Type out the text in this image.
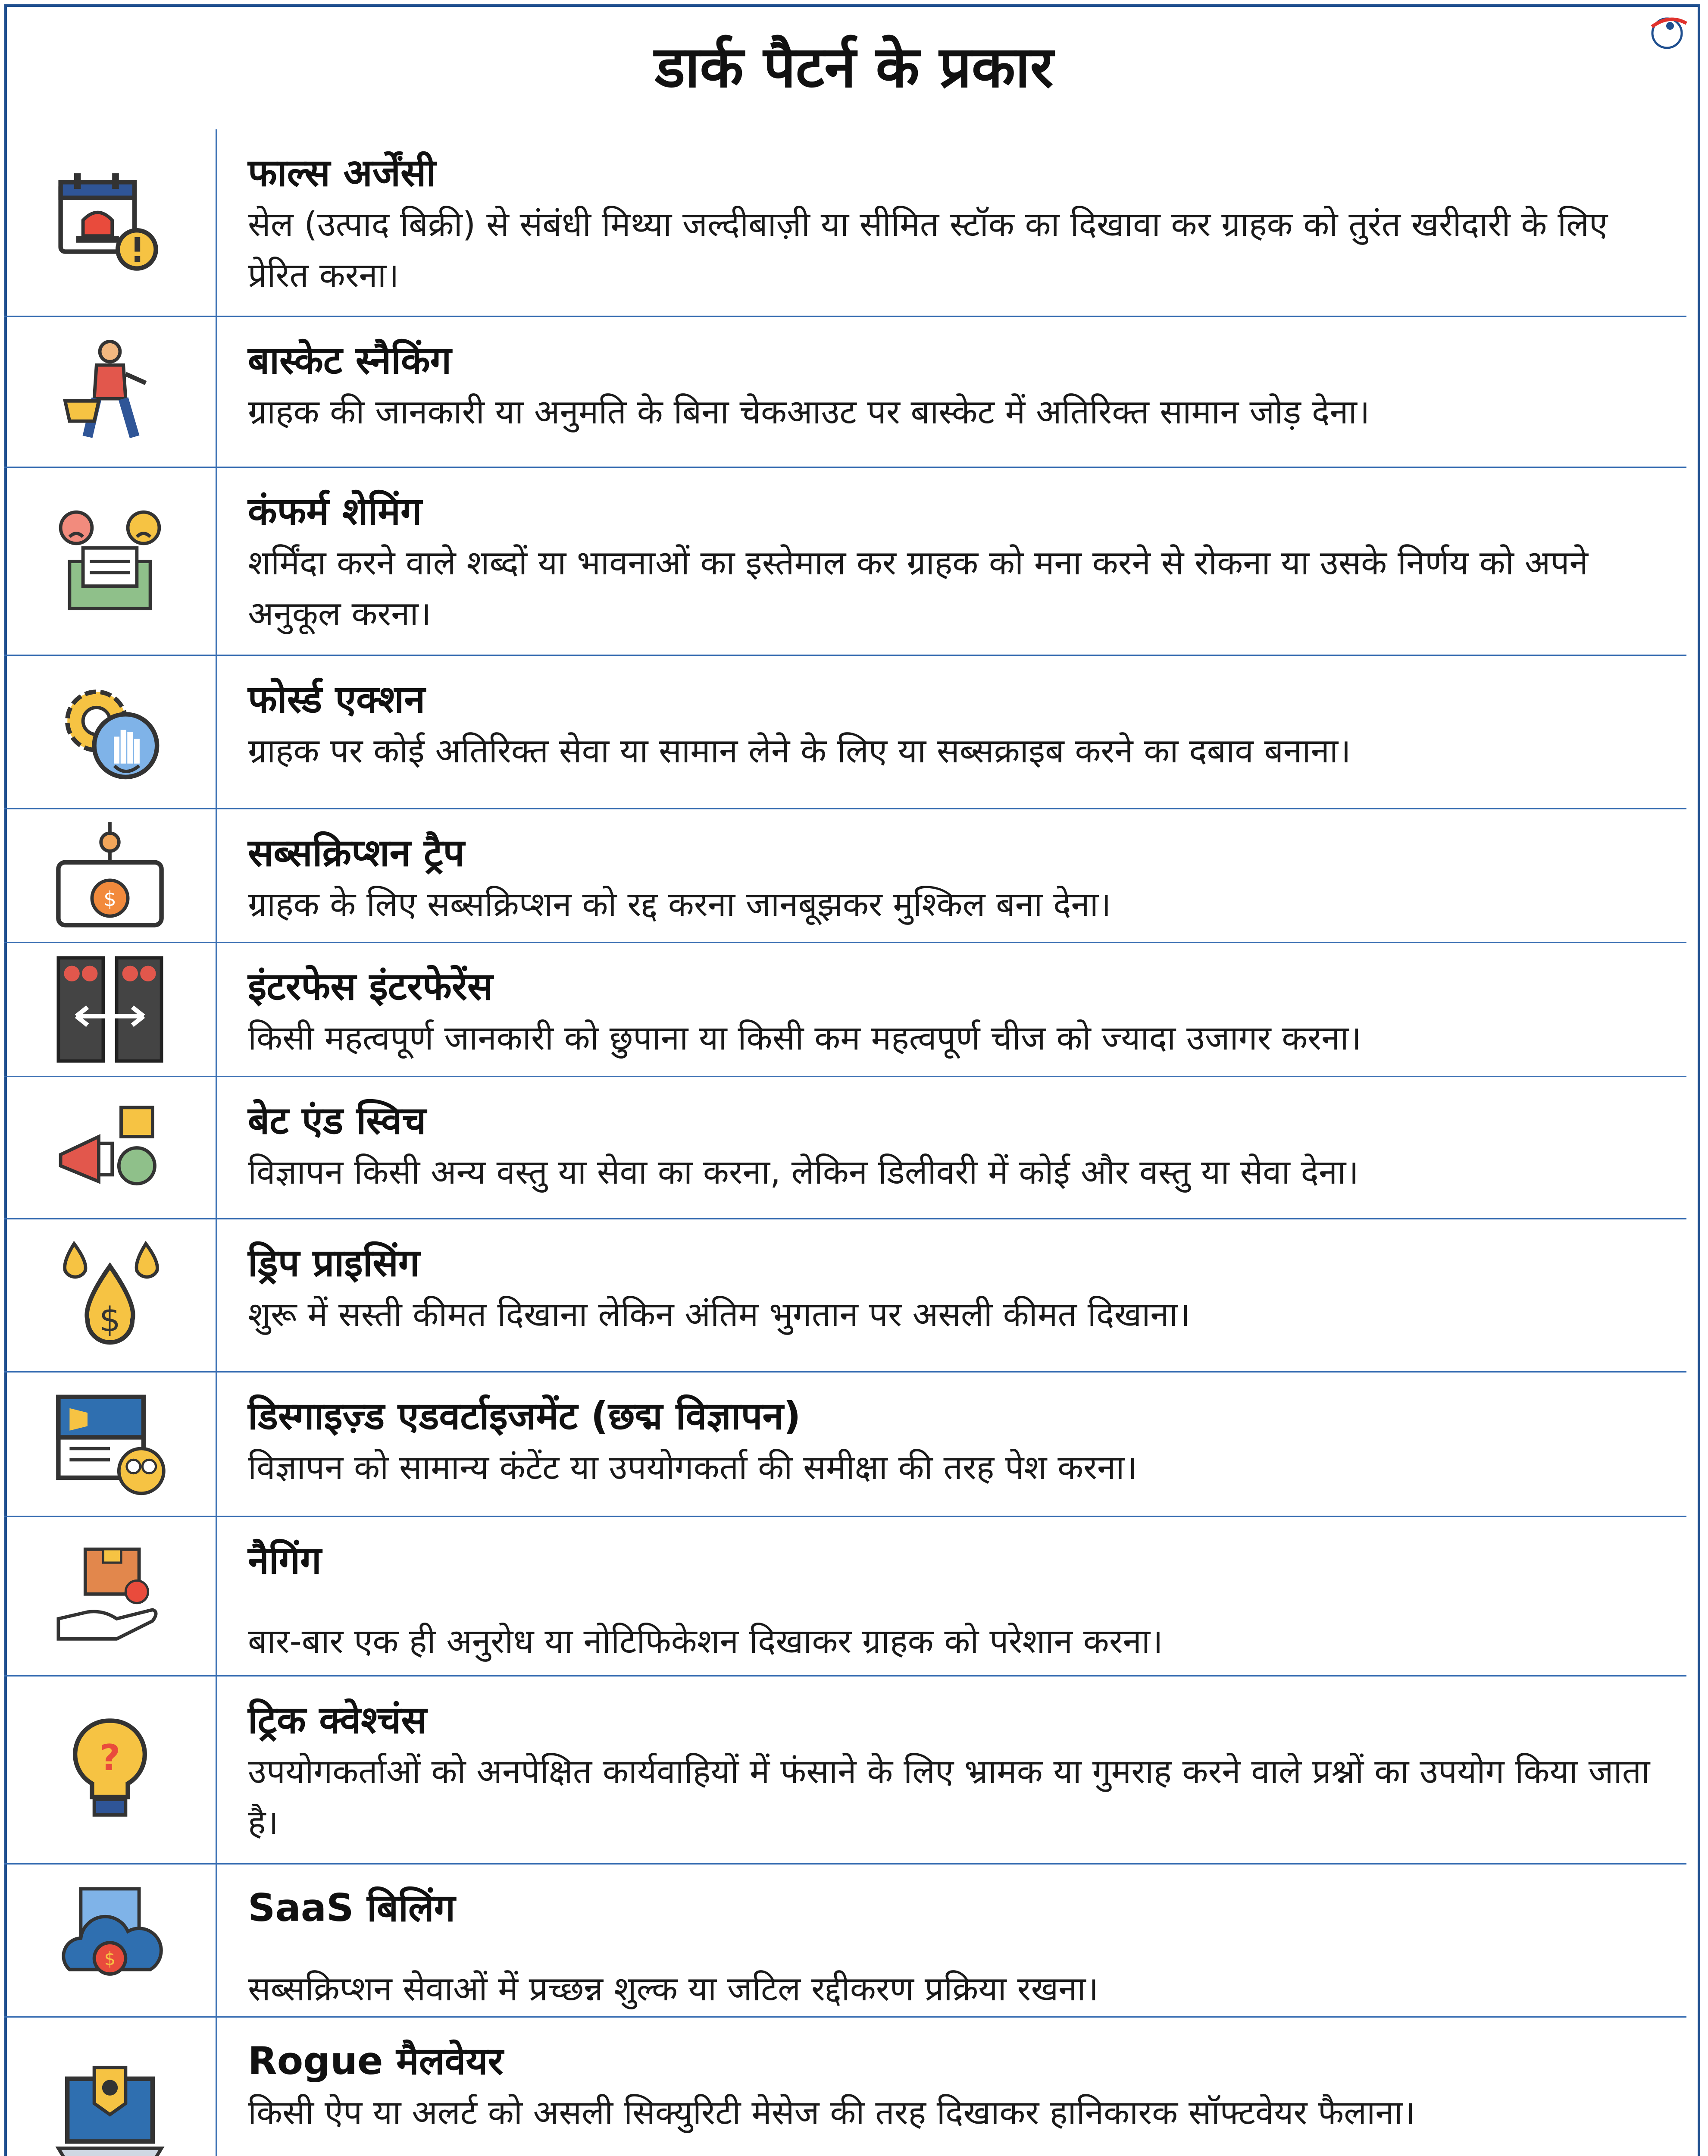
डार्क पैटर्न के प्रकार
फाल्स अर्जेंसी
सेल (उत्पाद बिक्री) से संबंधी मिथ्या जल्दीबाज़ी या सीमित स्टॉक का दिखावा कर ग्राहक को तुरंत खरीदारी के लिए प्रेरित करना।
बास्केट स्नैकिंग
ग्राहक की जानकारी या अनुमति के बिना चेकआउट पर बास्केट में अतिरिक्त सामान जोड़ देना।
कंफर्म शेमिंग
शर्मिंदा करने वाले शब्दों या भावनाओं का इस्तेमाल कर ग्राहक को मना करने से रोकना या उसके निर्णय को अपने अनुकूल करना।
फोर्स्ड एक्शन
ग्राहक पर कोई अतिरिक्त सेवा या सामान लेने के लिए या सब्सक्राइब करने का दबाव बनाना।
$
सब्सक्रिप्शन ट्रैप
ग्राहक के लिए सब्सक्रिप्शन को रद्द करना जानबूझकर मुश्किल बना देना।
इंटरफेस इंटरफेरेंस
किसी महत्वपूर्ण जानकारी को छुपाना या किसी कम महत्वपूर्ण चीज को ज्यादा उजागर करना।
बेट एंड स्विच
विज्ञापन किसी अन्य वस्तु या सेवा का करना, लेकिन डिलीवरी में कोई और वस्तु या सेवा देना।
$
ड्रिप प्राइसिंग
शुरू में सस्ती कीमत दिखाना लेकिन अंतिम भुगतान पर असली कीमत दिखाना।
डिस्गाइज़्ड एडवर्टाइजमेंट (छद्म विज्ञापन)
विज्ञापन को सामान्य कंटेंट या उपयोगकर्ता की समीक्षा की तरह पेश करना।
नैगिंग
बार-बार एक ही अनुरोध या नोटिफिकेशन दिखाकर ग्राहक को परेशान करना।
?
ट्रिक क्वेश्चंस
उपयोगकर्ताओं को अनपेक्षित कार्यवाहियों में फंसाने के लिए भ्रामक या गुमराह करने वाले प्रश्नों का उपयोग किया जाता है।
$
SaaS बिलिंग
सब्सक्रिप्शन सेवाओं में प्रच्छन्न शुल्क या जटिल रद्दीकरण प्रक्रिया रखना।
Rogue मैलवेयर
किसी ऐप या अलर्ट को असली सिक्युरिटी मेसेज की तरह दिखाकर हानिकारक सॉफ्टवेयर फैलाना।
